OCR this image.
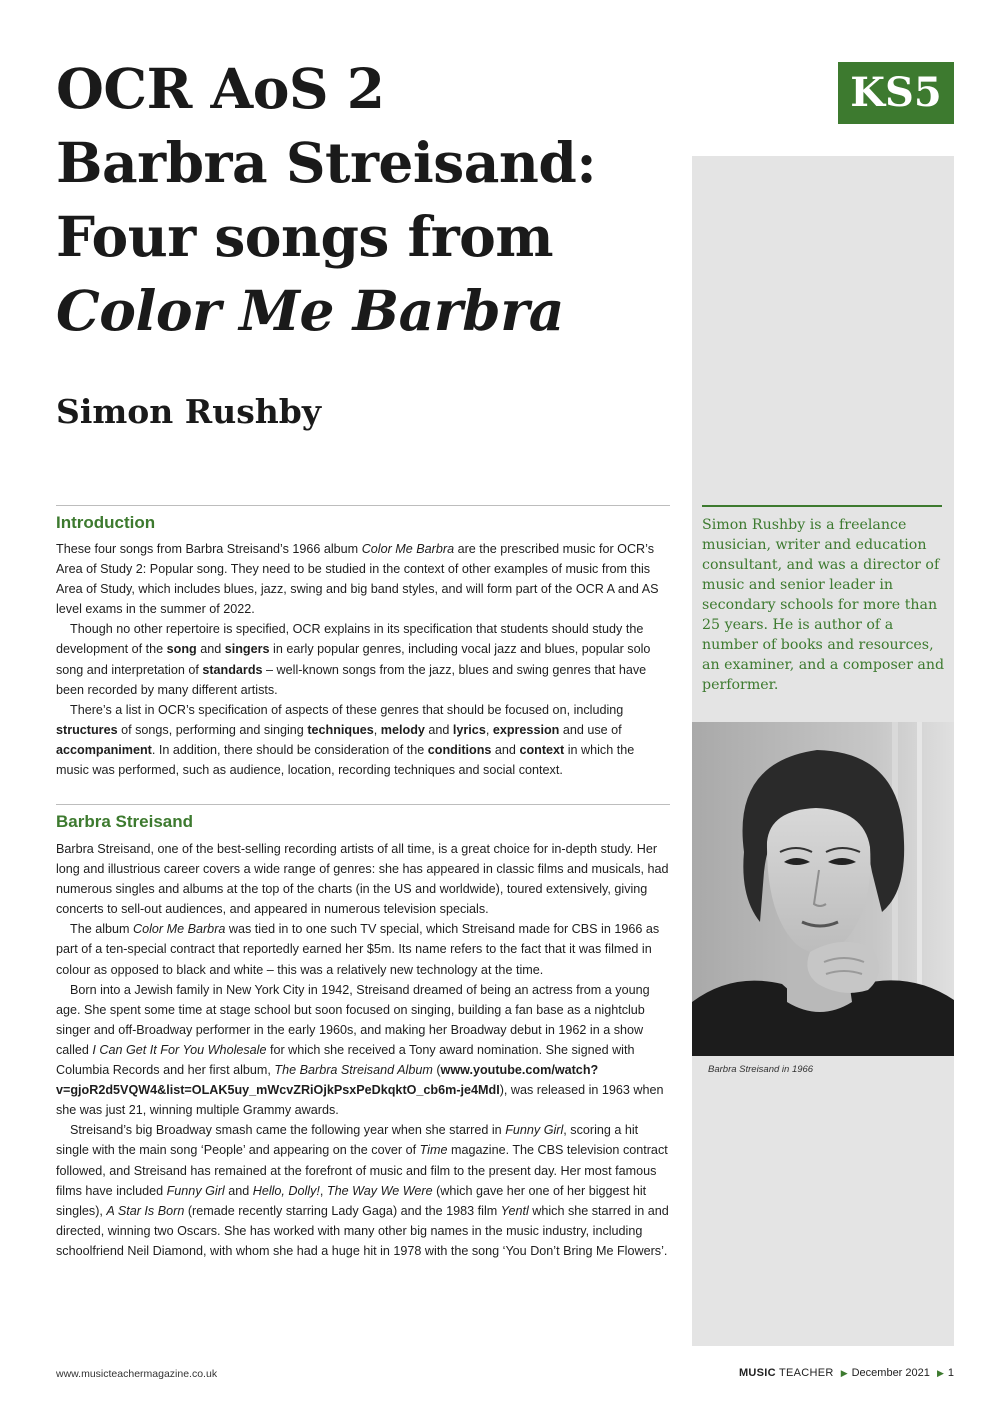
OCR AoS 2
Barbra Streisand:
Four songs from
Color Me Barbra
Simon Rushby
KS5

Simon Rushby is a freelance musician, writer and education consultant, and was a director of music and senior leader in secondary schools for more than 25 years. He is author of a number of books and resources, an examiner, and a composer and performer.

Barbra Streisand in 1966
Introduction

These four songs from Barbra Streisand’s 1966 album Color Me Barbra are the prescribed music for OCR’s Area of Study 2: Popular song. They need to be studied in the context of other examples of music from this Area of Study, which includes blues, jazz, swing and big band styles, and will form part of the OCR A and AS level exams in the summer of 2022.

Though no other repertoire is specified, OCR explains in its specification that students should study the development of the song and singers in early popular genres, including vocal jazz and blues, popular solo song and interpretation of standards – well-known songs from the jazz, blues and swing genres that have been recorded by many different artists.

There’s a list in OCR’s specification of aspects of these genres that should be focused on, including structures of songs, performing and singing techniques, melody and lyrics, expression and use of accompaniment. In addition, there should be consideration of the conditions and context in which the music was performed, such as audience, location, recording techniques and social context.

Barbra Streisand

Barbra Streisand, one of the best-selling recording artists of all time, is a great choice for in-depth study. Her long and illustrious career covers a wide range of genres: she has appeared in classic films and musicals, had numerous singles and albums at the top of the charts (in the US and worldwide), toured extensively, giving concerts to sell-out audiences, and appeared in numerous television specials.

The album Color Me Barbra was tied in to one such TV special, which Streisand made for CBS in 1966 as part of a ten-special contract that reportedly earned her $5m. Its name refers to the fact that it was filmed in colour as opposed to black and white – this was a relatively new technology at the time.

Born into a Jewish family in New York City in 1942, Streisand dreamed of being an actress from a young age. She spent some time at stage school but soon focused on singing, building a fan base as a nightclub singer and off-Broadway performer in the early 1960s, and making her Broadway debut in 1962 in a show called I Can Get It For You Wholesale for which she received a Tony award nomination. She signed with Columbia Records and her first album, The Barbra Streisand Album (www.youtube.com/watch?v=gjoR2d5VQW4&list=OLAK5uy_mWcvZRiOjkPsxPeDkqktO_cb6m-je4MdI), was released in 1963 when she was just 21, winning multiple Grammy awards.

Streisand’s big Broadway smash came the following year when she starred in Funny Girl, scoring a hit single with the main song ‘People’ and appearing on the cover of Time magazine. The CBS television contract followed, and Streisand has remained at the forefront of music and film to the present day. Her most famous films have included Funny Girl and Hello, Dolly!, The Way We Were (which gave her one of her biggest hit singles), A Star Is Born (remade recently starring Lady Gaga) and the 1983 film Yentl which she starred in and directed, winning two Oscars. She has worked with many other big names in the music industry, including schoolfriend Neil Diamond, with whom she had a huge hit in 1978 with the song ‘You Don’t Bring Me Flowers’.

www.musicteachermagazine.co.uk	MUSIC TEACHER ▶ December 2021 ▶ 1
